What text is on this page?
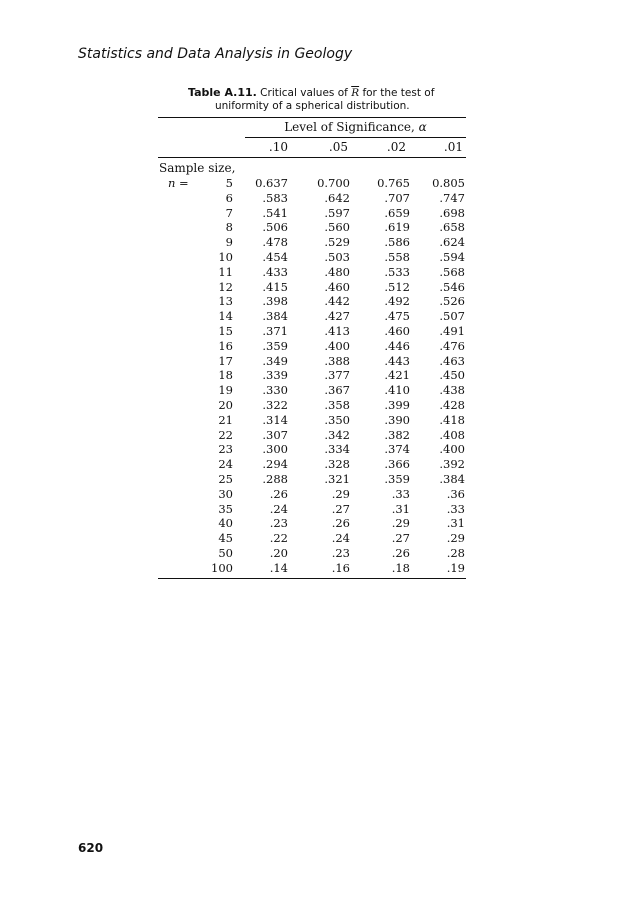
Statistics and Data Analysis in Geology
Table A.11. Critical values of $\overline{R}$ for the test of
uniformity of a spherical distribution.
Level of Significance, α
.10	.05	.02	.01
Sample size,
n =	5	0.637	0.700	0.765	0.805
6	.583	.642	.707	.747
7	.541	.597	.659	.698
8	.506	.560	.619	.658
9	.478	.529	.586	.624
10	.454	.503	.558	.594
11	.433	.480	.533	.568
12	.415	.460	.512	.546
13	.398	.442	.492	.526
14	.384	.427	.475	.507
15	.371	.413	.460	.491
16	.359	.400	.446	.476
17	.349	.388	.443	.463
18	.339	.377	.421	.450
19	.330	.367	.410	.438
20	.322	.358	.399	.428
21	.314	.350	.390	.418
22	.307	.342	.382	.408
23	.300	.334	.374	.400
24	.294	.328	.366	.392
25	.288	.321	.359	.384
30	.26	.29	.33	.36
35	.24	.27	.31	.33
40	.23	.26	.29	.31
45	.22	.24	.27	.29
50	.20	.23	.26	.28
100	.14	.16	.18	.19
620
